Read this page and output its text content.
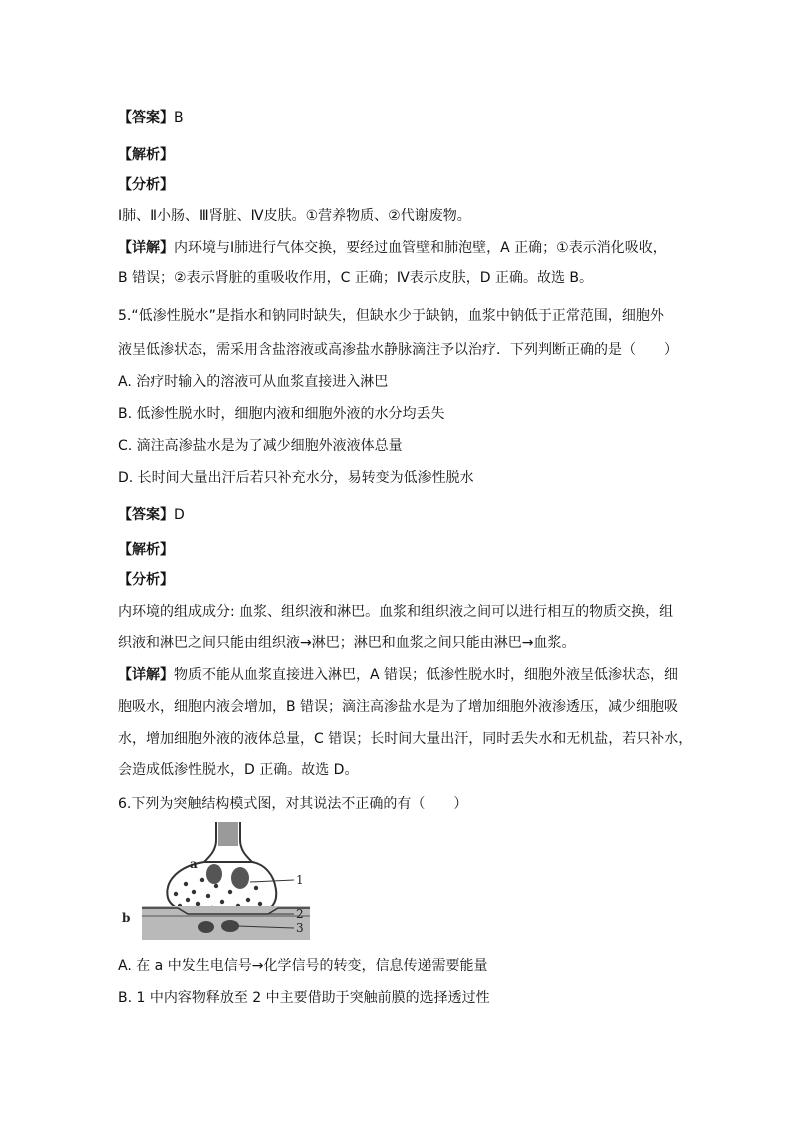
【答案】B
【解析】
【分析】
Ⅰ肺、Ⅱ小肠、Ⅲ肾脏、Ⅳ皮肤。①营养物质、②代谢废物。
【详解】内环境与Ⅰ肺进行气体交换，要经过血管壁和肺泡壁，A 正确；①表示消化吸收，
B 错误；②表示肾脏的重吸收作用，C 正确；Ⅳ表示皮肤，D 正确。故选 B。
5.“低渗性脱水”是指水和钠同时缺失，但缺水少于缺钠，血浆中钠低于正常范围，细胞外
液呈低渗状态，需采用含盐溶液或高渗盐水静脉滴注予以治疗．下列判断正确的是（　　）
A. 治疗时输入的溶液可从血浆直接进入淋巴
B. 低渗性脱水时，细胞内液和细胞外液的水分均丢失
C. 滴注高渗盐水是为了减少细胞外液液体总量
D. 长时间大量出汗后若只补充水分，易转变为低渗性脱水
【答案】D
【解析】
【分析】
内环境的组成成分: 血浆、组织液和淋巴。血浆和组织液之间可以进行相互的物质交换，组
织液和淋巴之间只能由组织液→淋巴；淋巴和血浆之间只能由淋巴→血浆。
【详解】物质不能从血浆直接进入淋巴，A 错误；低渗性脱水时，细胞外液呈低渗状态，细
胞吸水，细胞内液会增加，B 错误；滴注高渗盐水是为了增加细胞外液渗透压，减少细胞吸
水，增加细胞外液的液体总量，C 错误；长时间大量出汗，同时丢失水和无机盐，若只补水，
会造成低渗性脱水，D 正确。故选 D。
6.下列为突触结构模式图，对其说法不正确的有（　　）
a
b
1
2
3
A. 在 a 中发生电信号→化学信号的转变，信息传递需要能量
B. 1 中内容物释放至 2 中主要借助于突触前膜的选择透过性
